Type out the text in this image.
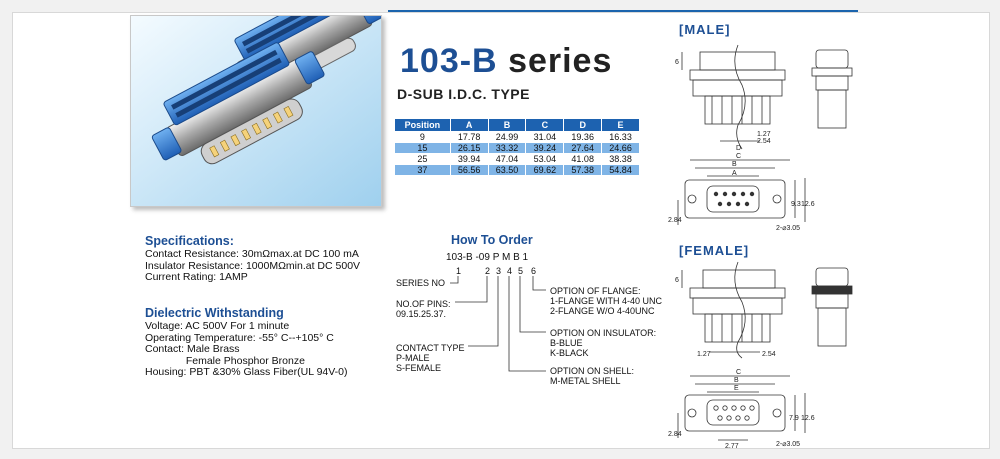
103-B series
D-SUB I.D.C. TYPE
Position	A	B	C	D	E
9	17.78	24.99	31.04	19.36	16.33
15	26.15	33.32	39.24	27.64	24.66
25	39.94	47.04	53.04	41.08	38.38
37	56.56	63.50	69.62	57.38	54.84
Specifications:
Contact Resistance: 30mΩmax.at DC 100 mA
Insulator Resistance: 1000MΩmin.at DC 500V
Current Rating: 1AMP
Dielectric Withstanding
Voltage: AC 500V For 1 minute
Operating Temperature: -55° C--+105° C
Contact: Male Brass
Female Phosphor Bronze
Housing: PBT &30% Glass Fiber(UL 94V-0)
How To Order
103-B -09 P M B 1
1	2 3 4 5 6
SERIES NO
NO.OF PINS:
09.15.25.37.
CONTACT TYPE
P-MALE
S-FEMALE
OPTION OF FLANGE:
1-FLANGE WITH 4-40 UNC
2-FLANGE W/O 4-40UNC
OPTION ON INSULATOR:
B-BLUE
K-BLACK
OPTION ON SHELL:
M-METAL SHELL
[MALE]
[FEMALE]
6
1.27
2.54
D
C
B
A
9.3 12.6
2.84
2-⌀3.05
6
1.27	2.54
C
B
E
7.9 12.6
2.84
2.77	2-⌀3.05
